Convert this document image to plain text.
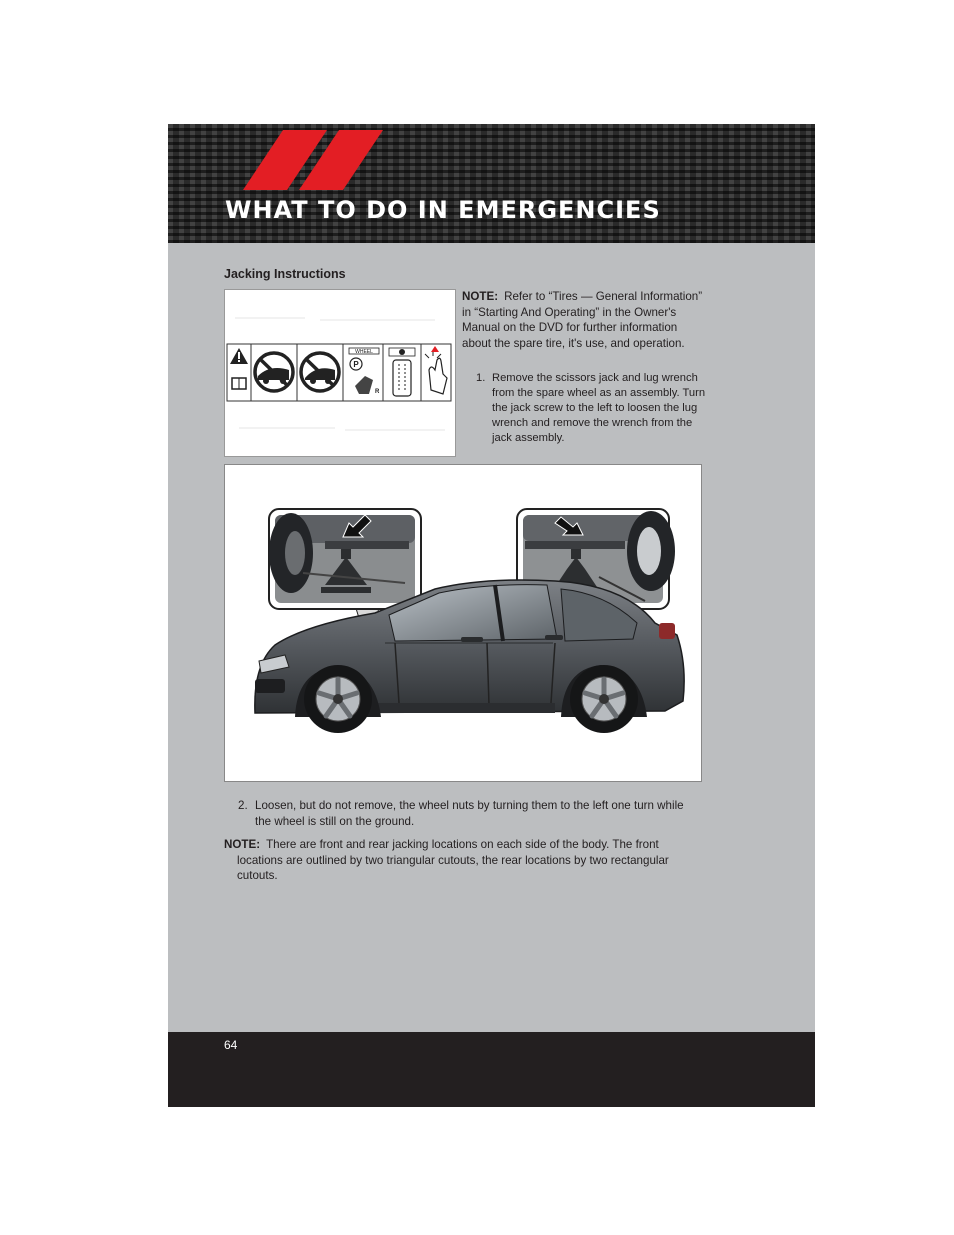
WHAT TO DO IN EMERGENCIES
Jacking Instructions
WHEEL
P
R

NOTE: Refer to “Tires — General Information” in “Starting And Operating” in the Owner's Manual on the DVD for further information about the spare tire, it's use, and operation.

1. Remove the scissors jack and lug wrench from the spare wheel as an assembly. Turn the jack screw to the left to loosen the lug wrench and remove the wrench from the jack assembly.

2. Loosen, but do not remove, the wheel nuts by turning them to the left one turn while the wheel is still on the ground.

NOTE: There are front and rear jacking locations on each side of the body. The front locations are outlined by two triangular cutouts, the rear locations by two rectangular cutouts.

64
